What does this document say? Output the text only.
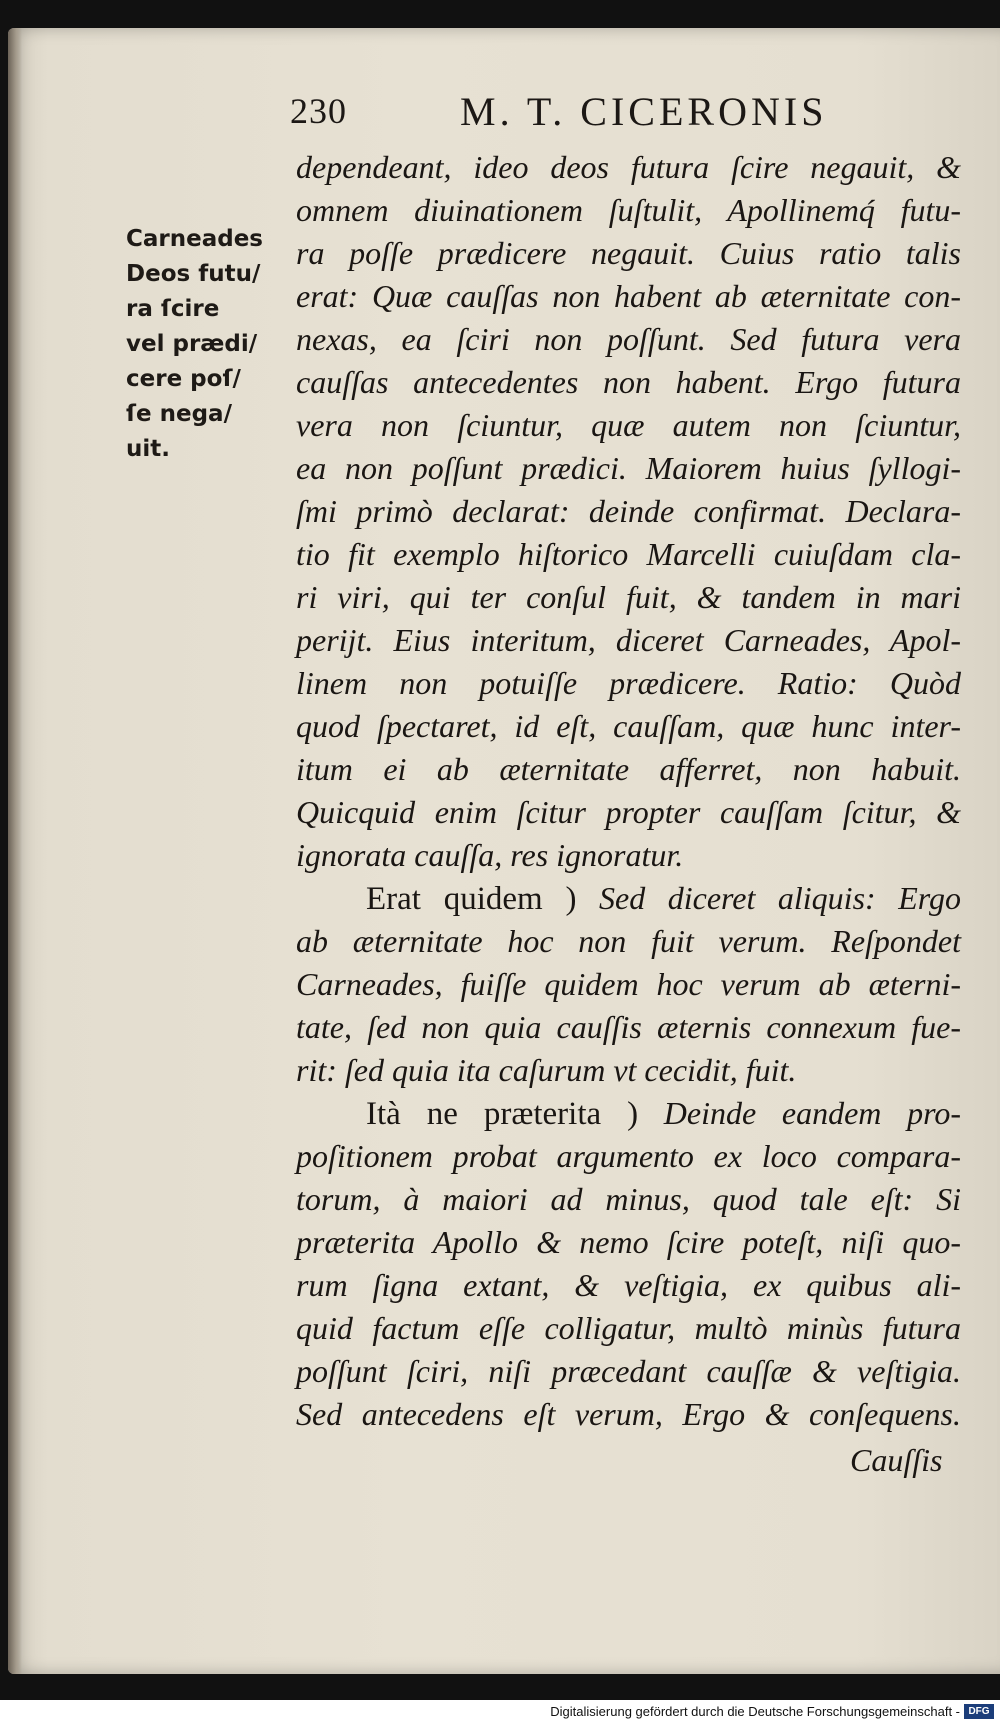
230	M. T. CICERONIS
Carneades
Deos futu/
ra ſcire
vel prædi/
cere poſ/
ſe nega/
uit.
dependeant, ideo deos futura ſcire negauit, &
omnem diuinationem ſuſtulit, Apollinemq́ futu-
ra poſſe prædicere negauit. Cuius ratio talis
erat: Quæ cauſſas non habent ab æternitate con-
nexas, ea ſciri non poſſunt. Sed futura vera
cauſſas antecedentes non habent. Ergo futura
vera non ſciuntur, quæ autem non ſciuntur,
ea non poſſunt prædici. Maiorem huius ſyllogi-
ſmi primò declarat: deinde confirmat. Declara-
tio fit exemplo hiſtorico Marcelli cuiuſdam cla-
ri viri, qui ter conſul fuit, & tandem in mari
perijt. Eius interitum, diceret Carneades, Apol-
linem non potuiſſe prædicere. Ratio: Quòd
quod ſpectaret, id eſt, cauſſam, quæ hunc inter-
itum ei ab æternitate afferret, non habuit.
Quicquid enim ſcitur propter cauſſam ſcitur, &
ignorata cauſſa, res ignoratur.
Erat quidem ) Sed diceret aliquis: Ergo
ab æternitate hoc non fuit verum. Reſpondet
Carneades, fuiſſe quidem hoc verum ab æterni-
tate, ſed non quia cauſſis æternis connexum fue-
rit: ſed quia ita caſurum vt cecidit, fuit.
Ità ne præterita ) Deinde eandem pro-
poſitionem probat argumento ex loco compara-
torum, à maiori ad minus, quod tale eſt: Si
præterita Apollo & nemo ſcire poteſt, niſi quo-
rum ſigna extant, & veſtigia, ex quibus ali-
quid factum eſſe colligatur, multò minùs futura
poſſunt ſciri, niſi præcedant cauſſæ & veſtigia.
Sed antecedens eſt verum, Ergo & conſequens.
Cauſſis
Digitalisierung gefördert durch die Deutsche Forschungsgemeinschaft - DFG
